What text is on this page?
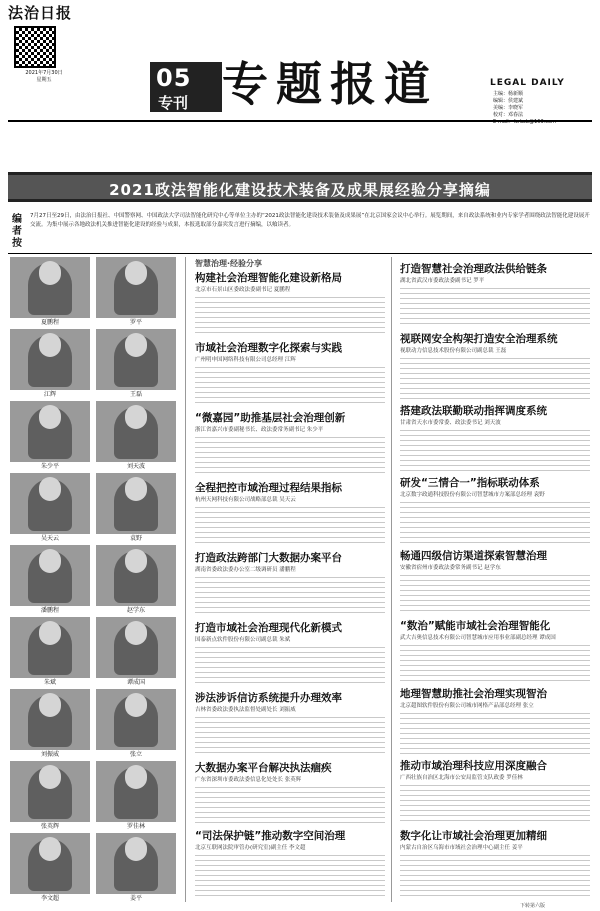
法治日报
2021年7月30日
星期五	05
专刊 专题报道	LEGAL DAILY
主编：杨新顺
编辑：侯建斌
美编：李晓军
校对：邓春法
E-mail：fzrbzb@163.com
2021政法智能化建设技术装备及成果展经验分享摘编
编者按
7月27日至29日，由法治日报社、中国警察网、中国政法大学司法智能化研究中心等单位主办的“2021政法智能化建设技术装备及成果展”在北京国家会议中心举行。展览期间，来自政法系统和业内专家学者围绕政法智能化建设展开交流。为集中展示各地政法机关推进智能化建设的经验与成果，本报选取部分嘉宾发言进行摘编，以飨读者。
夏鹏程	罗平
江辉	王磊
朱少平	刘天波
吴天云	袁野
潘鹏程	赵学东
朱斌	谭成国
刘振威	张立
张英辉	罗佳林
李文超	姜平
智慧治理·经验分享
构建社会治理智能化建设新格局
北京市石景山区委政法委副书记 夏鹏程
市域社会治理数字化探索与实践
广州明申国网络科技有限公司总经理 江辉
“微嘉园”助推基层社会治理创新
浙江省嘉兴市委副秘书长、政法委常务副书记 朱少平
全程把控市域治理过程结果指标
杭州天网科技有限公司战略部总裁 吴天云
打造政法跨部门大数据办案平台
湖南省委政法委办公室二级调研员 潘鹏程
打造市域社会治理现代化新模式
国泰新点软件股份有限公司副总裁 朱斌
涉法涉诉信访系统提升办理效率
吉林省委政法委执法监督处副处长 刘振威
大数据办案平台解决执法痼疾
广东省深圳市委政法委信息化处处长 张英辉
“司法保护链”推动数字空间治理
北京互联网法院审管办(研究室)副主任 李文超
打造智慧社会治理政法供给链条
湖北省武汉市委政法委副书记 罗平
视联网安全构架打造安全治理系统
视联动力信息技术股份有限公司副总裁 王磊
搭建政法联勤联动指挥调度系统
甘肃省天水市委常委、政法委书记 刘天波
研发“三情合一”指标联动体系
北京数字政通科技股份有限公司智慧城市方案部总经理 袁野
畅通四级信访渠道探索智慧治理
安徽省宿州市委政法委常务副书记 赵学东
“数治”赋能市域社会治理智能化
武大吉奥信息技术有限公司智慧城市应用事业部副总经理 谭成国
地理智慧助推社会治理实现智治
北京超图软件股份有限公司城市网格产品部总经理 张立
推动市域治理科技应用深度融合
广西壮族自治区北海市公安局监管支队政委 罗佳林
数字化让市域社会治理更加精细
内蒙古自治区乌海市市域社会治理中心副主任 姜平
下转第六版
